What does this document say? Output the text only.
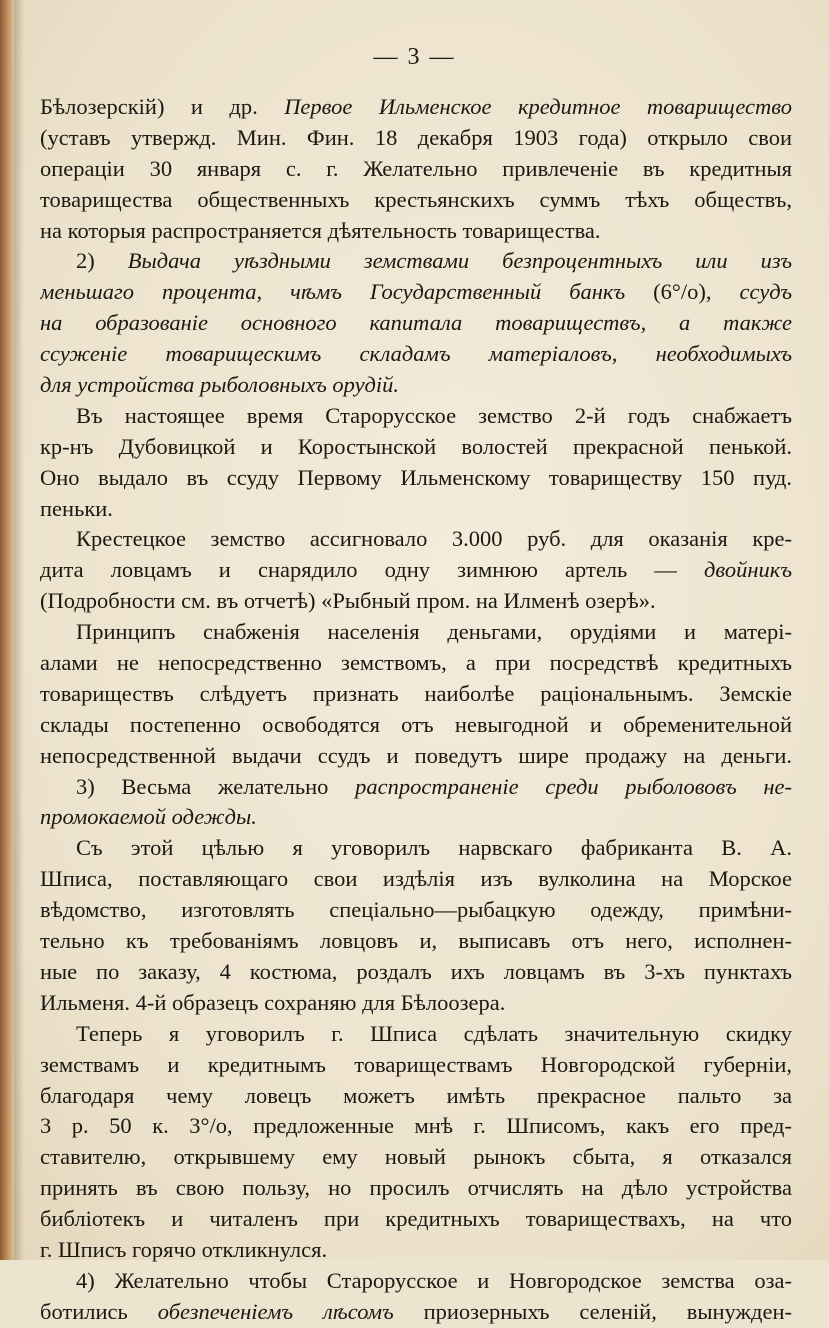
— 3 —
Бѣлозерскій) и др. Первое Ильменское кредитное товарищество
(уставъ утвержд. Мин. Фин. 18 декабря 1903 года) открыло свои
операціи 30 января с. г. Желательно привлеченіе въ кредитныя
товарищества общественныхъ крестьянскихъ суммъ тѣхъ обществъ,
на которыя распространяется дѣятельность товарищества.
2) Выдача уѣздными земствами безпроцентныхъ или изъ
меньшаго процента, чѣмъ Государственный банкъ (6°/о), ссудъ
на образованіе основного капитала товариществъ, а также
ссуженіе товарищескимъ складамъ матеріаловъ, необходимыхъ
для устройства рыболовныхъ орудій.
Въ настоящее время Старорусское земство 2-й годъ снабжаетъ
кр-нъ Дубовицкой и Коростынской волостей прекрасной пенькой.
Оно выдало въ ссуду Первому Ильменскому товариществу 150 пуд.
пеньки.
Крестецкое земство ассигновало 3.000 руб. для оказанія кре-
дита ловцамъ и снарядило одну зимнюю артель — двойникъ
(Подробности см. въ отчетѣ) «Рыбный пром. на Илменѣ озерѣ».
Принципъ снабженія населенія деньгами, орудіями и матері-
алами не непосредственно земствомъ, а при посредствѣ кредитныхъ
товариществъ слѣдуетъ признать наиболѣе раціональнымъ. Земскіе
склады постепенно освободятся отъ невыгодной и обременительной
непосредственной выдачи ссудъ и поведутъ шире продажу на деньги.
3) Весьма желательно распространеніе среди рыболововъ не-
промокаемой одежды.
Съ этой цѣлью я уговорилъ нарвскаго фабриканта В. А.
Шписа, поставляющаго свои издѣлія изъ вулколина на Морское
вѣдомство, изготовлять спеціально—рыбацкую одежду, примѣни-
тельно къ требованіямъ ловцовъ и, выписавъ отъ него, исполнен-
ные по заказу, 4 костюма, роздалъ ихъ ловцамъ въ 3-хъ пунктахъ
Ильменя. 4-й образецъ сохраняю для Бѣлоозера.
Теперь я уговорилъ г. Шписа сдѣлать значительную скидку
земствамъ и кредитнымъ товариществамъ Новгородской губерніи,
благодаря чему ловецъ можетъ имѣть прекрасное пальто за
3 р. 50 к. 3°/о, предложенные мнѣ г. Шписомъ, какъ его пред-
ставителю, открывшему ему новый рынокъ сбыта, я отказался
принять въ свою пользу, но просилъ отчислять на дѣло устройства
библіотекъ и читаленъ при кредитныхъ товариществахъ, на что
г. Шписъ горячо откликнулся.
4) Желательно чтобы Старорусское и Новгородское земства оза-
ботились обезпеченіемъ лѣсомъ приозерныхъ селеній, вынужден-
